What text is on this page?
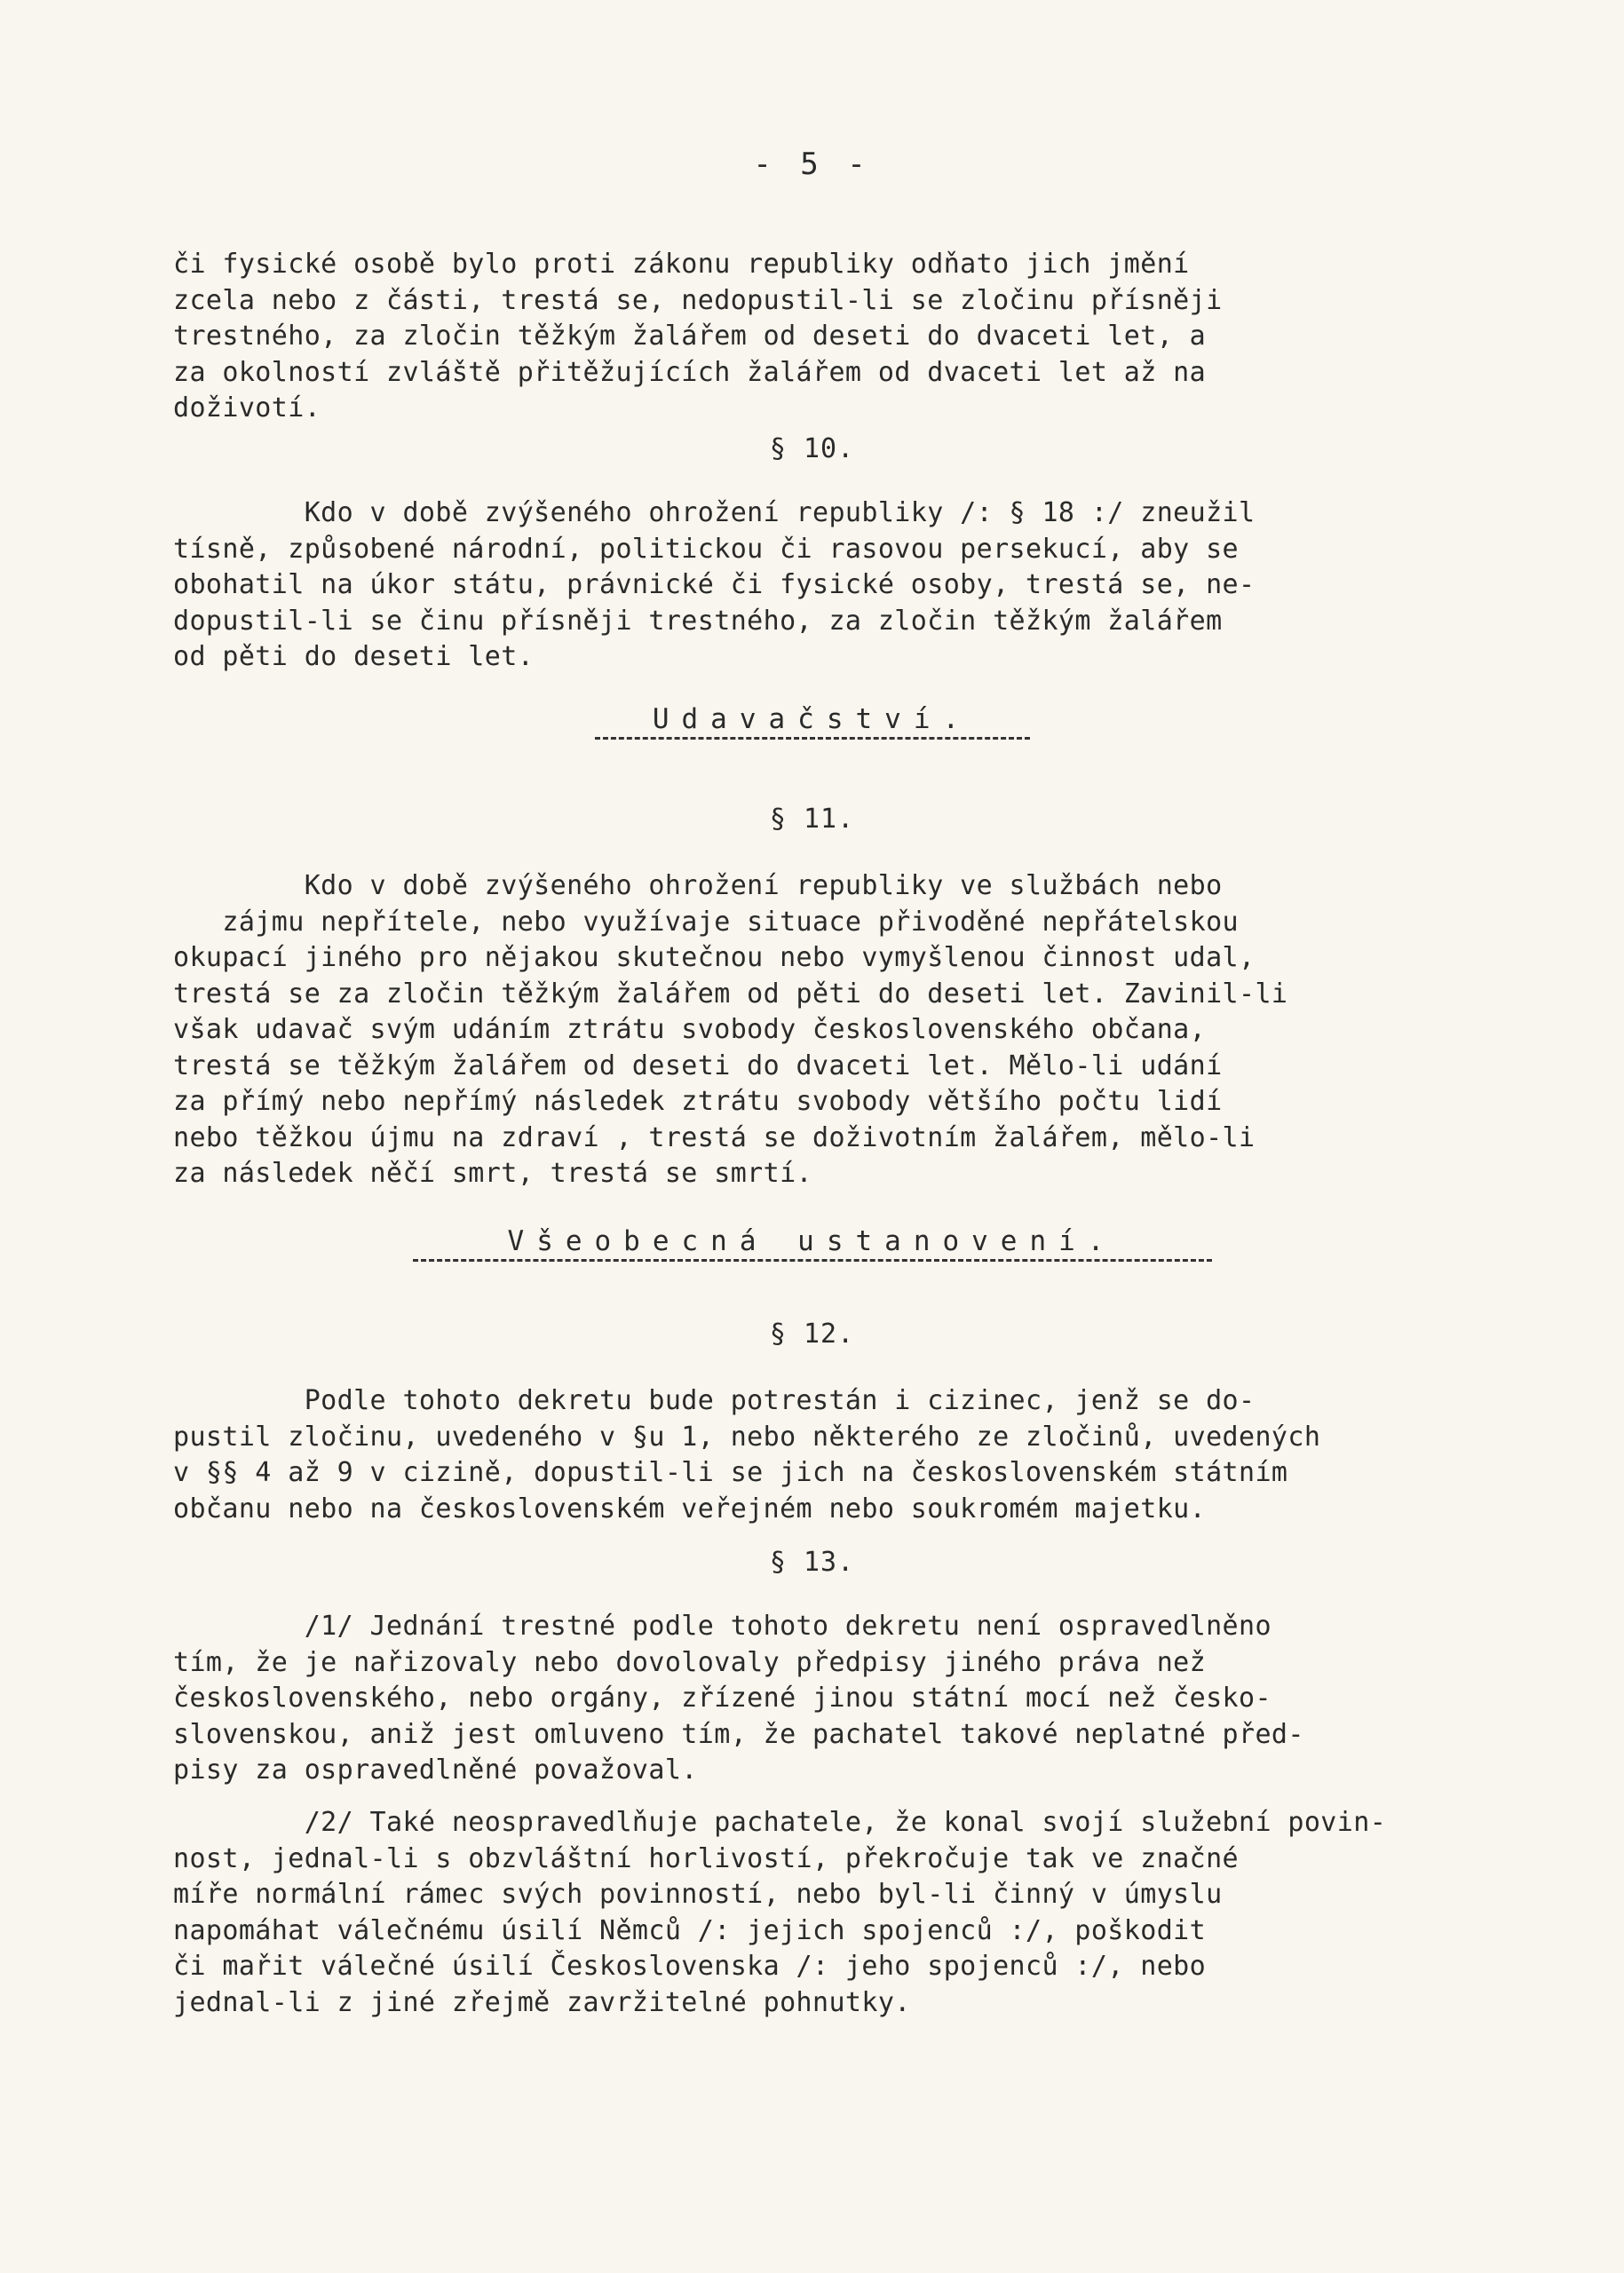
- 5 -
či fysické osobě bylo proti zákonu republiky odňato jich jmění
zcela nebo z části, trestá se, nedopustil-li se zločinu přísněji
trestného, za zločin těžkým žalářem od deseti do dvaceti let, a
za okolností zvláště přitěžujících žalářem od dvaceti let až na
doživotí.
§ 10.
Kdo v době zvýšeného ohrožení republiky /: § 18 :/ zneužil
tísně, způsobené národní, politickou či rasovou persekucí, aby se
obohatil na úkor státu, právnické či fysické osoby, trestá se, ne-
dopustil-li se činu přísněji trestného, za zločin těžkým žalářem
od pěti do deseti let.
Udavačství.
§ 11.
Kdo v době zvýšeného ohrožení republiky ve službách nebo
zájmu nepřítele, nebo využívaje situace přivoděné nepřátelskou
okupací jiného pro nějakou skutečnou nebo vymyšlenou činnost udal,
trestá se za zločin těžkým žalářem od pěti do deseti let. Zavinil-li
však udavač svým udáním ztrátu svobody československého občana,
trestá se těžkým žalářem od deseti do dvaceti let. Mělo-li udání
za přímý nebo nepřímý následek ztrátu svobody většího počtu lidí
nebo těžkou újmu na zdraví , trestá se doživotním žalářem, mělo-li
za následek něčí smrt, trestá se smrtí.
Všeobecná ustanovení.
§ 12.
Podle tohoto dekretu bude potrestán i cizinec, jenž se do-
pustil zločinu, uvedeného v §u 1, nebo některého ze zločinů, uvedených
v §§ 4 až 9 v cizině, dopustil-li se jich na československém státním
občanu nebo na československém veřejném nebo soukromém majetku.
§ 13.
/1/ Jednání trestné podle tohoto dekretu není ospravedlněno
tím, že je nařizovaly nebo dovolovaly předpisy jiného práva než
československého, nebo orgány, zřízené jinou státní mocí než česko-
slovenskou, aniž jest omluveno tím, že pachatel takové neplatné před-
pisy za ospravedlněné považoval.
/2/ Také neospravedlňuje pachatele, že konal svojí služební povin-
nost, jednal-li s obzvláštní horlivostí, překročuje tak ve značné
míře normální rámec svých povinností, nebo byl-li činný v úmyslu
napomáhat válečnému úsilí Němců /: jejich spojenců :/, poškodit
či mařit válečné úsilí Československa /: jeho spojenců :/, nebo
jednal-li z jiné zřejmě zavržitelné pohnutky.
